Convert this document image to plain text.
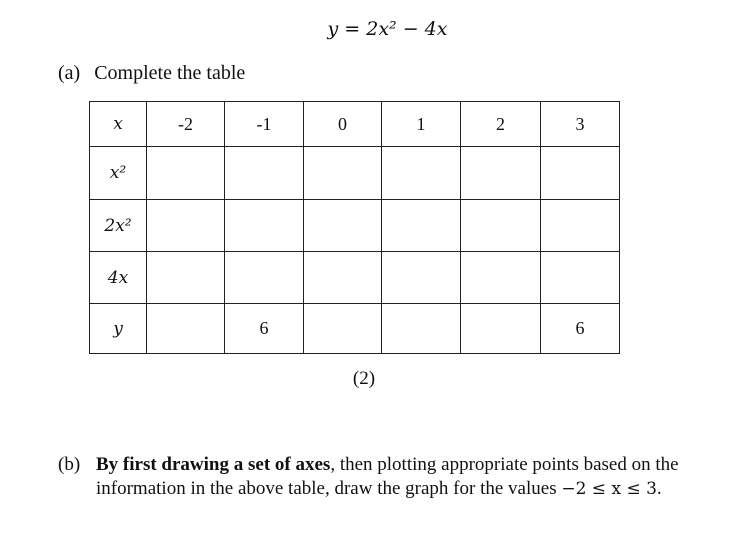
y = 2x² − 4x
(a) Complete the table
x	-2	-1	0	1	2	3
x²						
2x²						
4x						
y		6				6
(2)
(b) By first drawing a set of axes, then plotting appropriate points based on the information in the above table, draw the graph for the values −2 ≤ x ≤ 3.
